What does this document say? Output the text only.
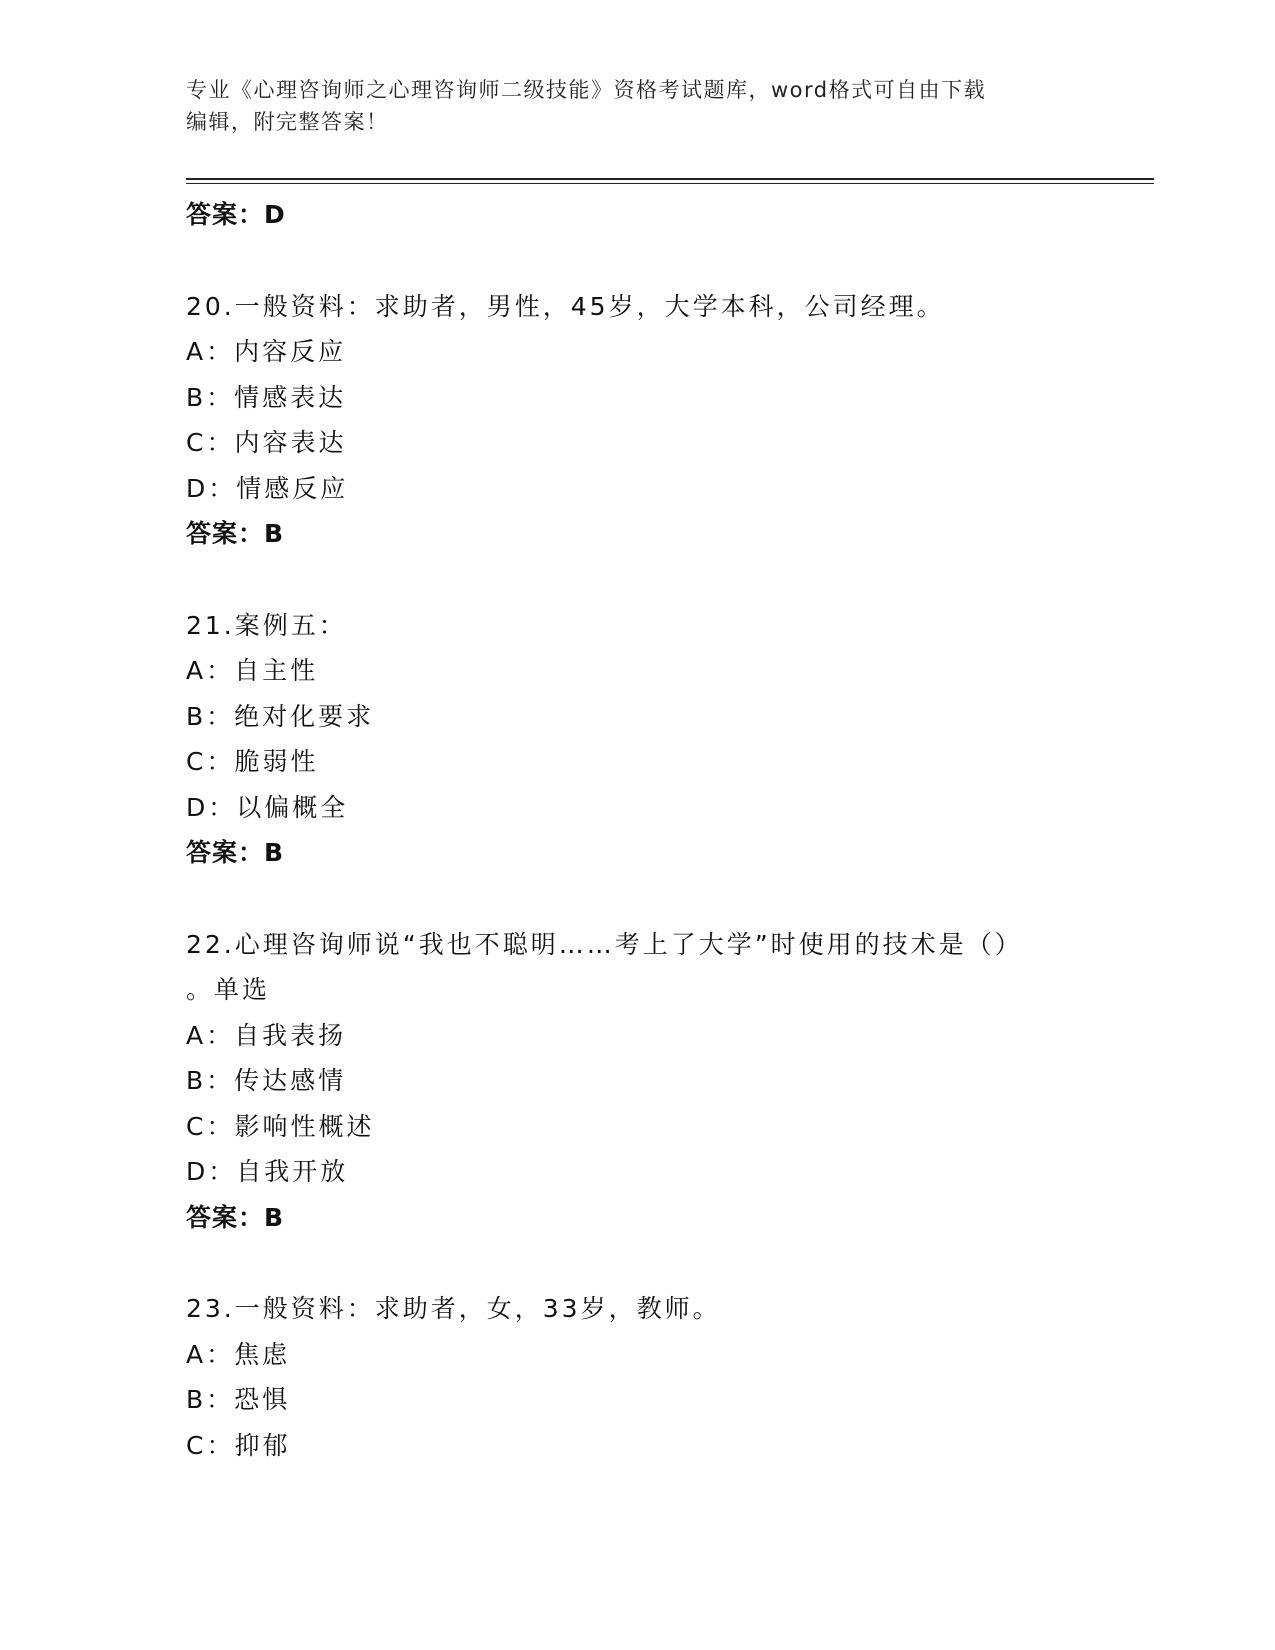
专业《心理咨询师之心理咨询师二级技能》资格考试题库，word格式可自由下载
编辑，附完整答案！
答案：D
20.一般资料：求助者，男性，45岁，大学本科，公司经理。
A：内容反应
B：情感表达
C：内容表达
D：情感反应
答案：B
21.案例五：
A：自主性
B：绝对化要求
C：脆弱性
D：以偏概全
答案：B
22.心理咨询师说“我也不聪明……考上了大学”时使用的技术是（）
。单选
A：自我表扬
B：传达感情
C：影响性概述
D：自我开放
答案：B
23.一般资料：求助者，女，33岁，教师。
A：焦虑
B：恐惧
C：抑郁
